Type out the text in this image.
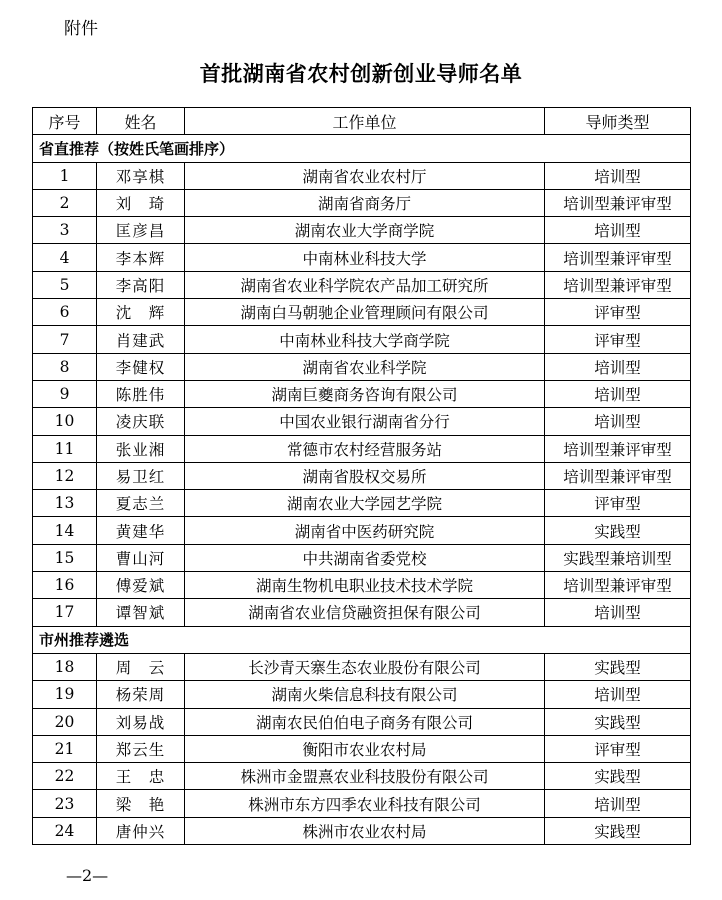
附件
首批湖南省农村创新创业导师名单
序号	姓名	工作单位	导师类型
省直推荐（按姓氏笔画排序）			
1	邓享棋	湖南省农业农村厅	培训型
2	刘　琦	湖南省商务厅	培训型兼评审型
3	匡彦昌	湖南农业大学商学院	培训型
4	李本辉	中南林业科技大学	培训型兼评审型
5	李高阳	湖南省农业科学院农产品加工研究所	培训型兼评审型
6	沈　辉	湖南白马朝驰企业管理顾问有限公司	评审型
7	肖建武	中南林业科技大学商学院	评审型
8	李健权	湖南省农业科学院	培训型
9	陈胜伟	湖南巨夔商务咨询有限公司	培训型
10	凌庆联	中国农业银行湖南省分行	培训型
11	张业湘	常德市农村经营服务站	培训型兼评审型
12	易卫红	湖南省股权交易所	培训型兼评审型
13	夏志兰	湖南农业大学园艺学院	评审型
14	黄建华	湖南省中医药研究院	实践型
15	曹山河	中共湖南省委党校	实践型兼培训型
16	傅爱斌	湖南生物机电职业技术技术学院	培训型兼评审型
17	谭智斌	湖南省农业信贷融资担保有限公司	培训型
市州推荐遴选			
18	周　云	长沙青天寨生态农业股份有限公司	实践型
19	杨荣周	湖南火柴信息科技有限公司	培训型
20	刘易战	湖南农民伯伯电子商务有限公司	实践型
21	郑云生	衡阳市农业农村局	评审型
22	王　忠	株洲市金盟熹农业科技股份有限公司	实践型
23	梁　艳	株洲市东方四季农业科技有限公司	培训型
24	唐仲兴	株洲市农业农村局	实践型
—2—
